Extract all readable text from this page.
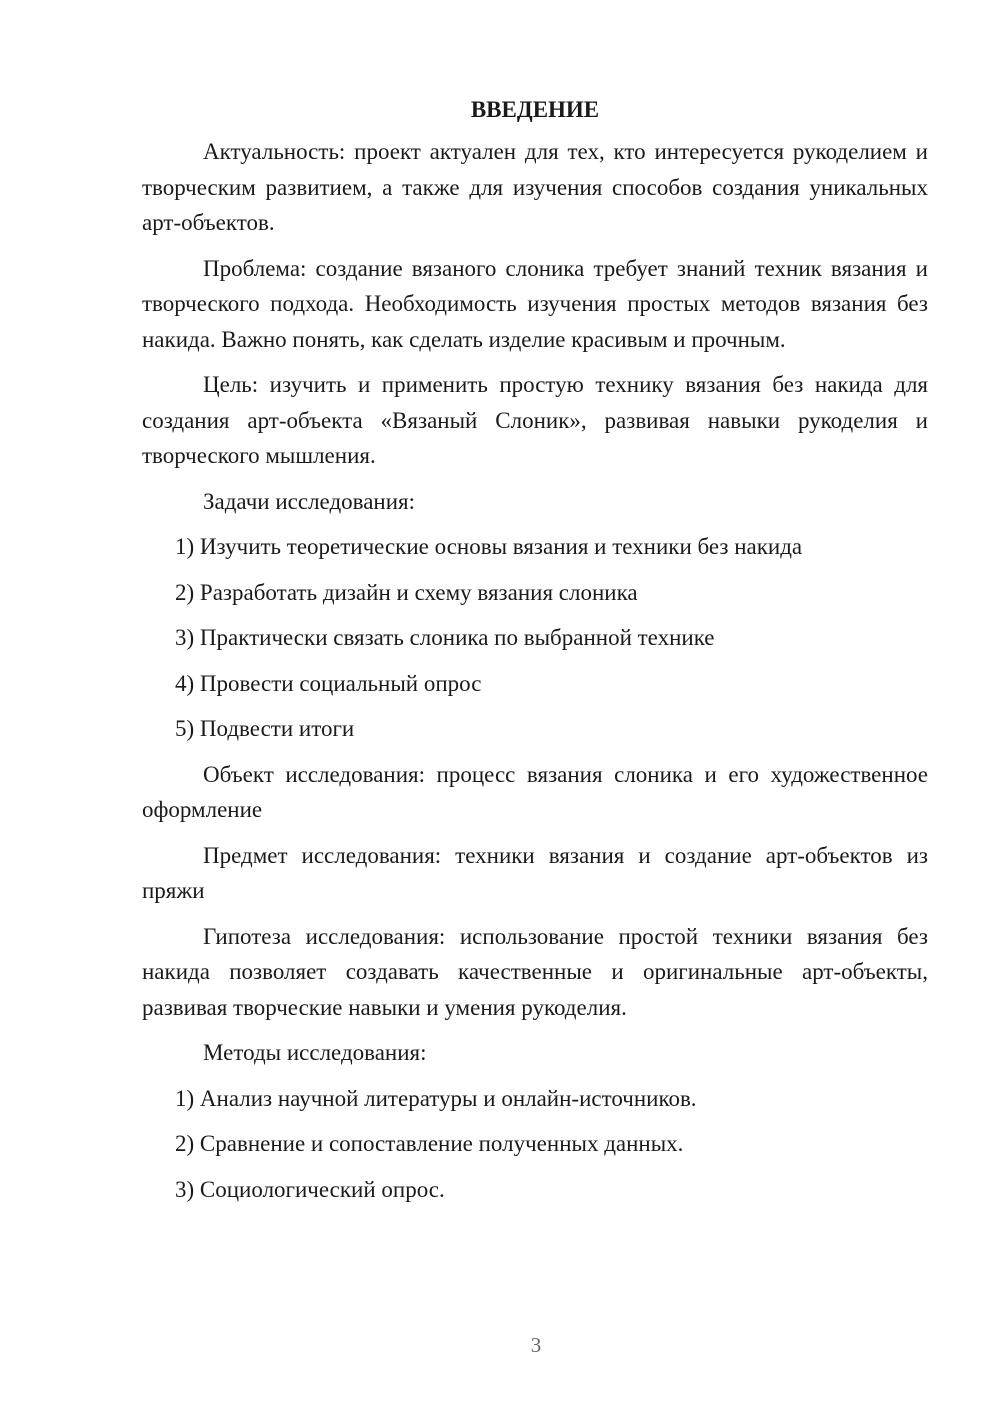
ВВЕДЕНИЕ

Актуальность: проект актуален для тех, кто интересуется рукоделием и творческим развитием, а также для изучения способов создания уникальных арт-объектов.

Проблема: создание вязаного слоника требует знаний техник вязания и творческого подхода. Необходимость изучения простых методов вязания без накида. Важно понять, как сделать изделие красивым и прочным.

Цель: изучить и применить простую технику вязания без накида для создания арт-объекта «Вязаный Слоник», развивая навыки рукоделия и творческого мышления.

Задачи исследования:

1) Изучить теоретические основы вязания и техники без накида
2) Разработать дизайн и схему вязания слоника
3) Практически связать слоника по выбранной технике
4) Провести социальный опрос
5) Подвести итоги

Объект исследования: процесс вязания слоника и его художественное оформление

Предмет исследования: техники вязания и создание арт-объектов из пряжи

Гипотеза исследования: использование простой техники вязания без накида позволяет создавать качественные и оригинальные арт-объекты, развивая творческие навыки и умения рукоделия.

Методы исследования:

1) Анализ научной литературы и онлайн-источников.
2) Сравнение и сопоставление полученных данных.
3) Социологический опрос.
3
